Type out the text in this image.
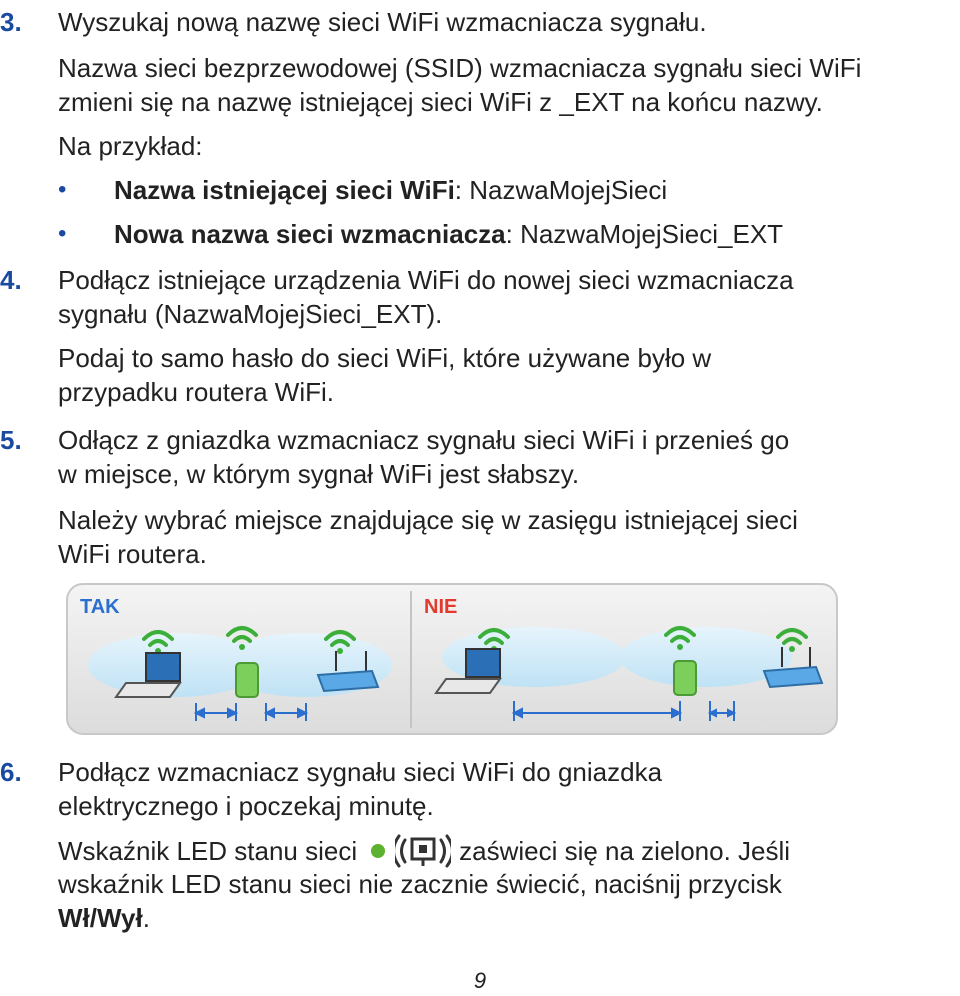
3. Wyszukaj nową nazwę sieci WiFi wzmacniacza sygnału.
Nazwa sieci bezprzewodowej (SSID) wzmacniacza sygnału sieci WiFi
zmieni się na nazwę istniejącej sieci WiFi z _EXT na końcu nazwy.
Na przykład:
• Nazwa istniejącej sieci WiFi: NazwaMojejSieci
• Nowa nazwa sieci wzmacniacza: NazwaMojejSieci_EXT
4. Podłącz istniejące urządzenia WiFi do nowej sieci wzmacniacza
sygnału (NazwaMojejSieci_EXT).
Podaj to samo hasło do sieci WiFi, które używane było w
przypadku routera WiFi.
5. Odłącz z gniazdka wzmacniacz sygnału sieci WiFi i przenieś go
w miejsce, w którym sygnał WiFi jest słabszy.
Należy wybrać miejsce znajdujące się w zasięgu istniejącej sieci
WiFi routera.
TAK	NIE
6. Podłącz wzmacniacz sygnału sieci WiFi do gniazdka
elektrycznego i poczekaj minutę.
Wskaźnik LED stanu sieci	zaświeci się na zielono. Jeśli
wskaźnik LED stanu sieci nie zacznie świecić, naciśnij przycisk
Wł/Wył.
9
